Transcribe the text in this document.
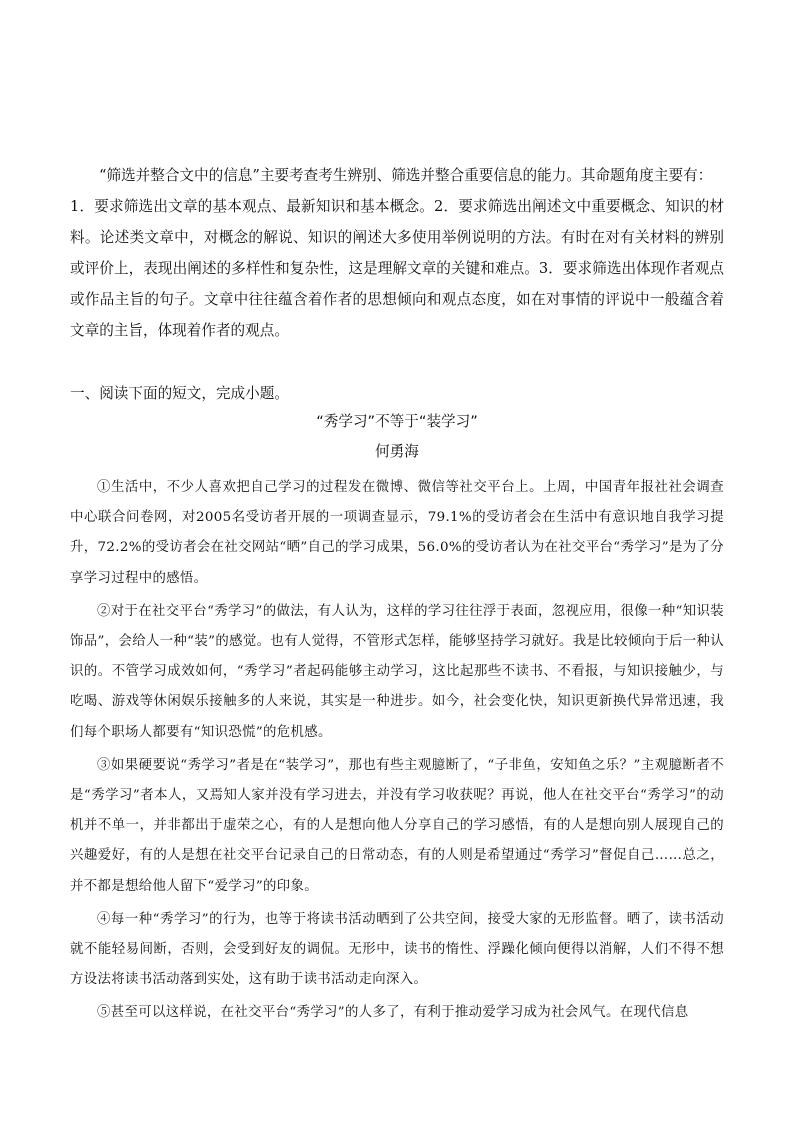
“筛选并整合文中的信息”主要考查考生辨别、筛选并整合重要信息的能力。其命题角度主要有：

1．要求筛选出文章的基本观点、最新知识和基本概念。2．要求筛选出阐述文中重要概念、知识的材料。论述类文章中，对概念的解说、知识的阐述大多使用举例说明的方法。有时在对有关材料的辨别或评价上，表现出阐述的多样性和复杂性，这是理解文章的关键和难点。3．要求筛选出体现作者观点或作品主旨的句子。文章中往往蕴含着作者的思想倾向和观点态度，如在对事情的评说中一般蕴含着文章的主旨，体现着作者的观点。

一、阅读下面的短文，完成小题。

“秀学习”不等于“装学习”

何勇海

①生活中，不少人喜欢把自己学习的过程发在微博、微信等社交平台上。上周，中国青年报社社会调查中心联合问卷网，对2005名受访者开展的一项调查显示，79.1%的受访者会在生活中有意识地自我学习提升，72.2%的受访者会在社交网站“晒”自己的学习成果，56.0%的受访者认为在社交平台“秀学习”是为了分享学习过程中的感悟。

②对于在社交平台“秀学习”的做法，有人认为，这样的学习往往浮于表面，忽视应用，很像一种“知识装饰品”，会给人一种“装”的感觉。也有人觉得，不管形式怎样，能够坚持学习就好。我是比较倾向于后一种认识的。不管学习成效如何，“秀学习”者起码能够主动学习，这比起那些不读书、不看报，与知识接触少，与吃喝、游戏等休闲娱乐接触多的人来说，其实是一种进步。如今，社会变化快，知识更新换代异常迅速，我们每个职场人都要有“知识恐慌”的危机感。

③如果硬要说“秀学习”者是在“装学习”，那也有些主观臆断了，“子非鱼，安知鱼之乐？”主观臆断者不是“秀学习”者本人，又焉知人家并没有学习进去，并没有学习收获呢？再说，他人在社交平台“秀学习”的动机并不单一，并非都出于虚荣之心，有的人是想向他人分享自己的学习感悟，有的人是想向别人展现自己的兴趣爱好，有的人是想在社交平台记录自己的日常动态，有的人则是希望通过“秀学习”督促自己……总之，并不都是想给他人留下“爱学习”的印象。

④每一种“秀学习”的行为，也等于将读书活动晒到了公共空间，接受大家的无形监督。晒了，读书活动就不能轻易间断，否则，会受到好友的调侃。无形中，读书的惰性、浮躁化倾向便得以消解，人们不得不想方设法将读书活动落到实处，这有助于读书活动走向深入。

⑤甚至可以这样说，在社交平台“秀学习”的人多了，有利于推动爱学习成为社会风气。在现代信息
